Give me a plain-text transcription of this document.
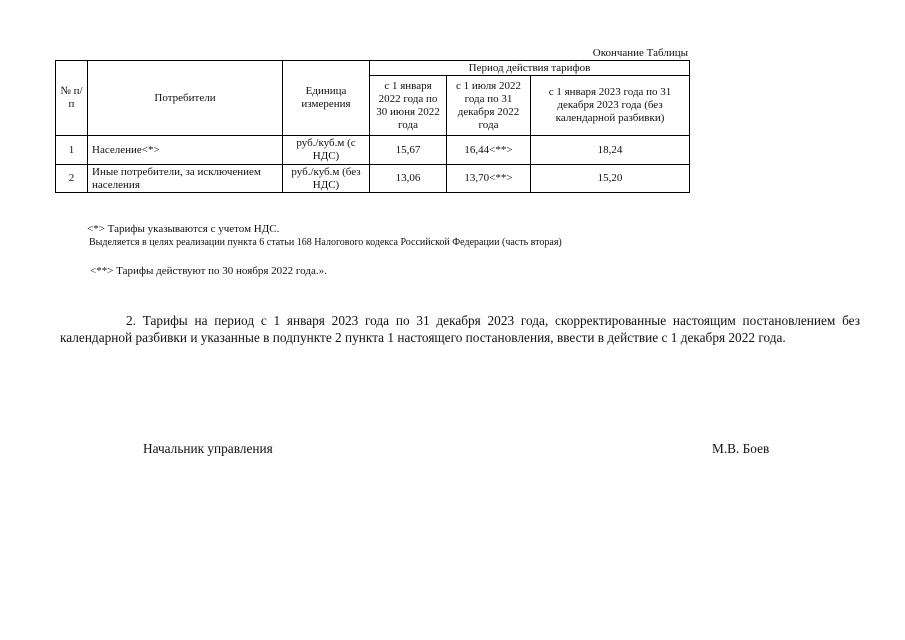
Окончание Таблицы
№ п/п	Потребители	Единица измерения	Период действия тарифов		
			с 1 января 2022 года по 30 июня 2022 года	с 1 июля 2022 года по 31 декабря 2022 года	с 1 января 2023 года по 31 декабря 2023 года (без календарной разбивки)
1	Население<*>	руб./куб.м (с НДС)	15,67	16,44<**>	18,24
2	Иные потребители, за исключением населения	руб./куб.м (без НДС)	13,06	13,70<**>	15,20
<*> Тарифы указываются с учетом НДС.
Выделяется в целях реализации пункта 6 статьи 168 Налогового кодекса Российской Федерации (часть вторая)
<**> Тарифы действуют по 30 ноября 2022 года.».
2. Тарифы на период с 1 января 2023 года по 31 декабря 2023 года, скорректированные настоящим постановлением без календарной разбивки и указанные в подпункте 2 пункта 1 настоящего постановления, ввести в действие с 1 декабря 2022 года.
Начальник управления	М.В. Боев
